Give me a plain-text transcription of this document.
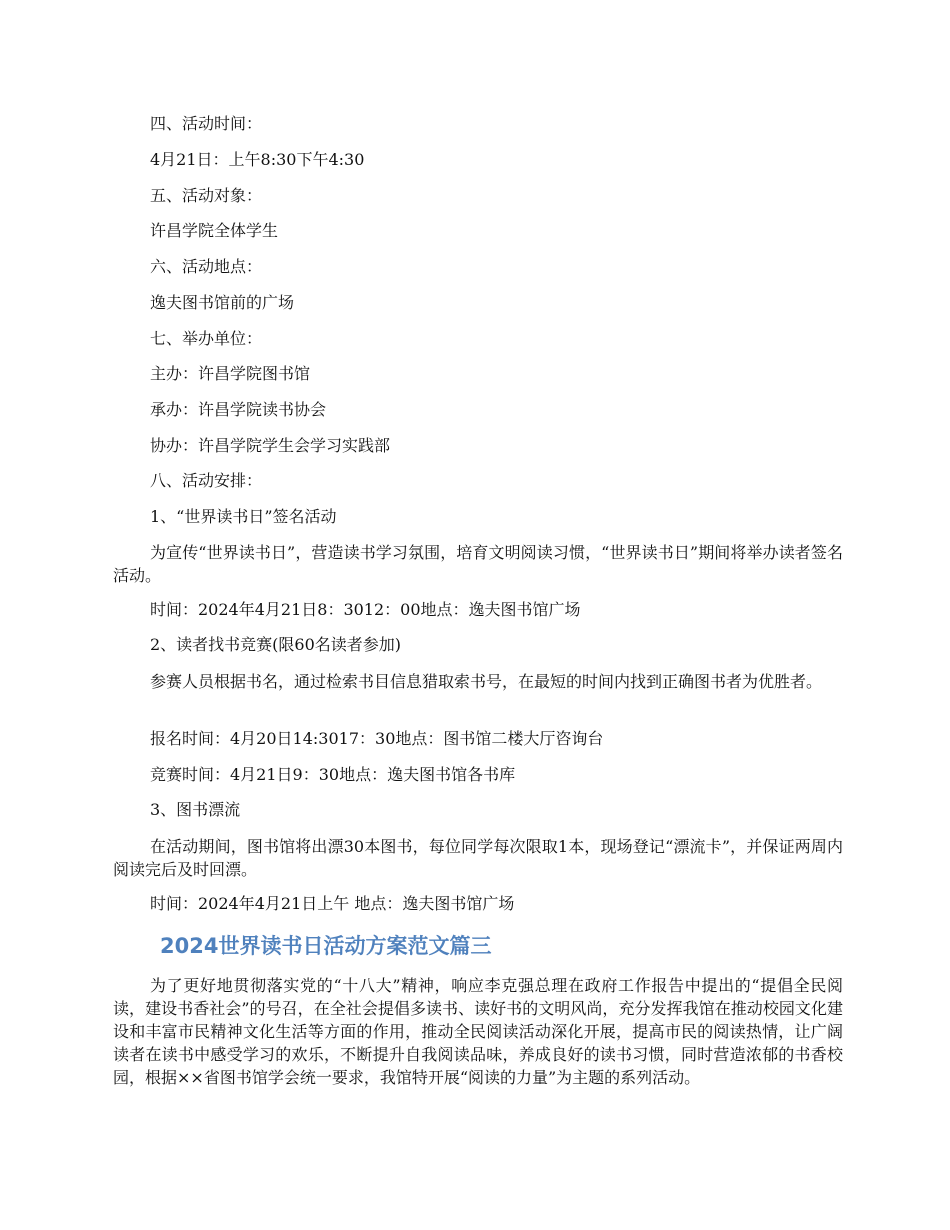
四、活动时间：
4月21日：上午8:30下午4:30
五、活动对象：
许昌学院全体学生
六、活动地点：
逸夫图书馆前的广场
七、举办单位：
主办：许昌学院图书馆
承办：许昌学院读书协会
协办：许昌学院学生会学习实践部
八、活动安排：
1、“世界读书日”签名活动
为宣传“世界读书日”，营造读书学习氛围，培育文明阅读习惯，“世界读书日”期间将举办读者签名活动。
时间：2024年4月21日8：3012：00地点：逸夫图书馆广场
2、读者找书竞赛(限60名读者参加)
参赛人员根据书名，通过检索书目信息猎取索书号，在最短的时间内找到正确图书者为优胜者。
报名时间：4月20日14:3017：30地点：图书馆二楼大厅咨询台
竞赛时间：4月21日9：30地点：逸夫图书馆各书库
3、图书漂流
在活动期间，图书馆将出漂30本图书，每位同学每次限取1本，现场登记“漂流卡”，并保证两周内阅读完后及时回漂。
时间：2024年4月21日上午 地点：逸夫图书馆广场
2024世界读书日活动方案范文篇三
为了更好地贯彻落实党的“十八大”精神，响应李克强总理在政府工作报告中提出的“提倡全民阅读，建设书香社会”的号召，在全社会提倡多读书、读好书的文明风尚，充分发挥我馆在推动校园文化建设和丰富市民精神文化生活等方面的作用，推动全民阅读活动深化开展，提高市民的阅读热情，让广阔读者在读书中感受学习的欢乐，不断提升自我阅读品味，养成良好的读书习惯，同时营造浓郁的书香校园，根据××省图书馆学会统一要求，我馆特开展“阅读的力量”为主题的系列活动。
